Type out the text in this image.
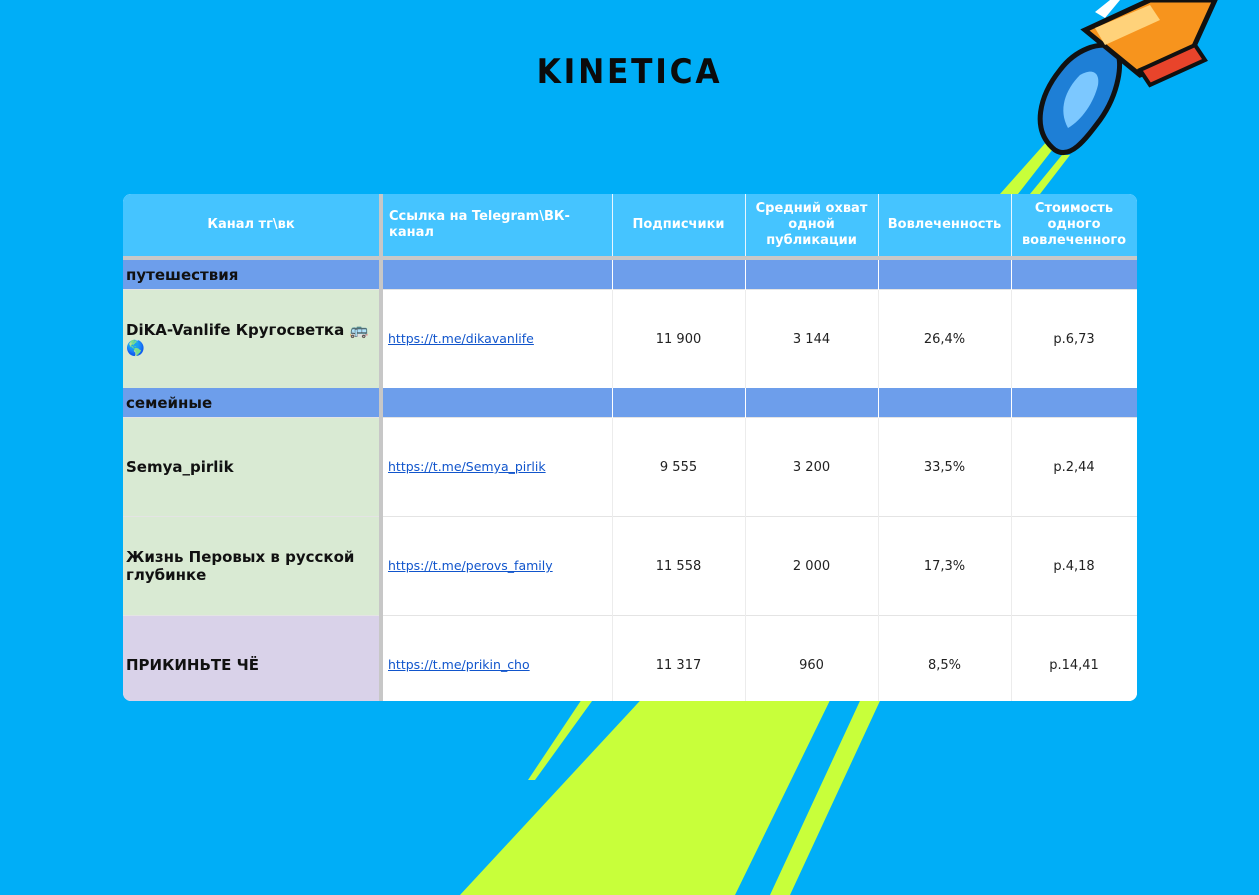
KINETICA
Канал тг\вк	Ссылка на Telegram\ВК-канал	Подписчики	Средний охват одной публикации	Вовлеченность	Стоимость одного вовлеченного

путешествия					
DiKA-Vanlife Кругосветка 🚌 🌎	https://t.me/dikavanlife	11 900	3 144	26,4%	р.6,73
семейные					
Semya_pirlik	https://t.me/Semya_pirlik	9 555	3 200	33,5%	р.2,44
Жизнь Перовых в русской глубинке	https://t.me/perovs_family	11 558	2 000	17,3%	р.4,18
ПРИКИНЬТЕ ЧЁ	https://t.me/prikin_cho	11 317	960	8,5%	р.14,41
